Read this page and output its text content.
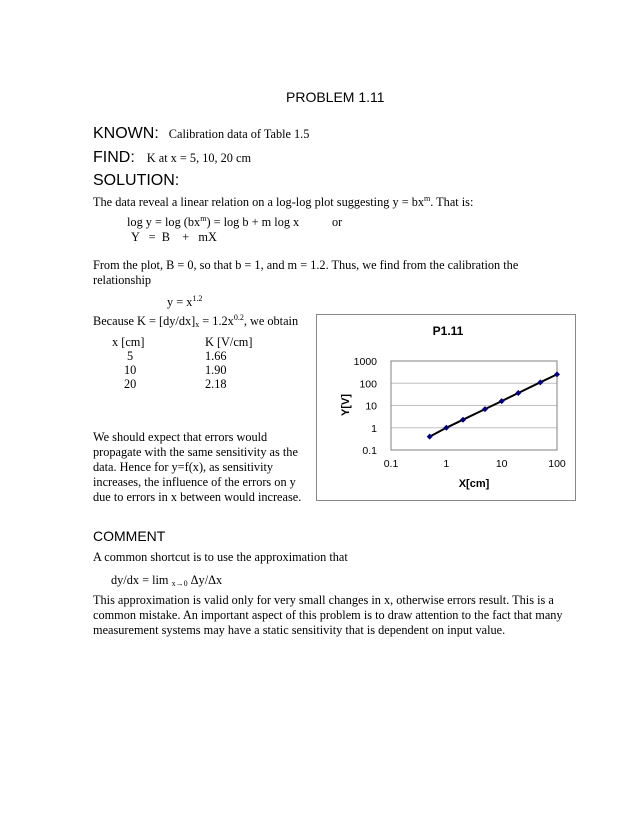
PROBLEM 1.11
KNOWN: Calibration data of Table 1.5
FIND: K at x = 5, 10, 20 cm
SOLUTION:
The data reveal a linear relation on a log-log plot suggesting $y = bx^m$. That is:
$\log y = \log (bx^m) = \log b + m$ log x	or
Y   =  B    +   mX
From the plot, B = 0, so that b = 1, and m = 1.2. Thus, we find from the calibration the relationship
$y = x^{1.2}$
Because $K = [dy/dx]_x = 1.2x^{0.2}$, we obtain
x [cm]	K [V/cm]
5	1.66
10	1.90
20	2.18
We should expect that errors would propagate with the same sensitivity as the data. Hence for y=f(x), as sensitivity increases, the influence of the errors on y due to errors in x between would increase.
P1.11
0.1
1
10
100
1000
0.1	1	10	100
X[cm]
Y[V]
COMMENT
A common shortcut is to use the approximation that
dy/dx = lim $_{x\to 0}$ Δy/Δx
This approximation is valid only for very small changes in x, otherwise errors result. This is a common mistake. An important aspect of this problem is to draw attention to the fact that many measurement systems may have a static sensitivity that is dependent on input value.
